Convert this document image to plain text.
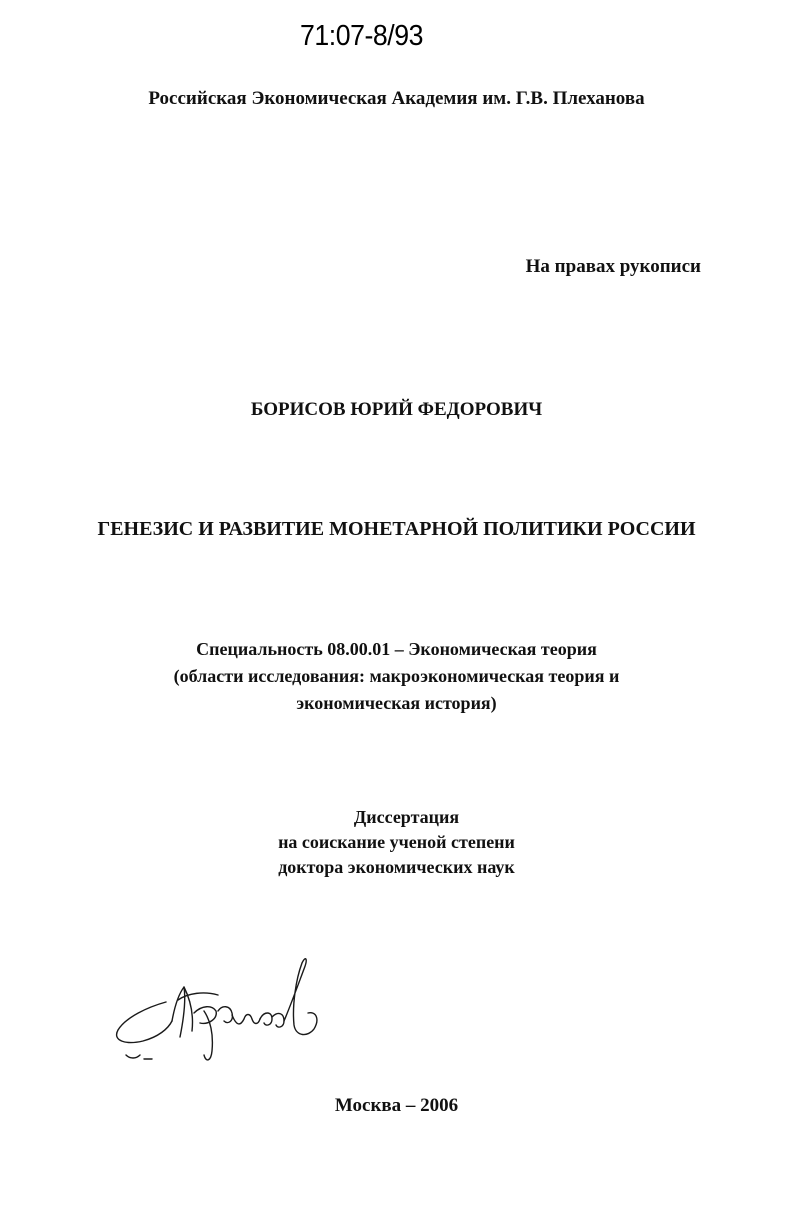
71:07-8/93
Российская Экономическая Академия им. Г.В. Плеханова
На правах рукописи
БОРИСОВ ЮРИЙ ФЕДОРОВИЧ
ГЕНЕЗИС И РАЗВИТИЕ МОНЕТАРНОЙ ПОЛИТИКИ РОССИИ
Специальность 08.00.01 – Экономическая теория
(области исследования: макроэкономическая теория и
экономическая история)
Диссертация
на соискание ученой степени
доктора экономических наук
Москва – 2006
